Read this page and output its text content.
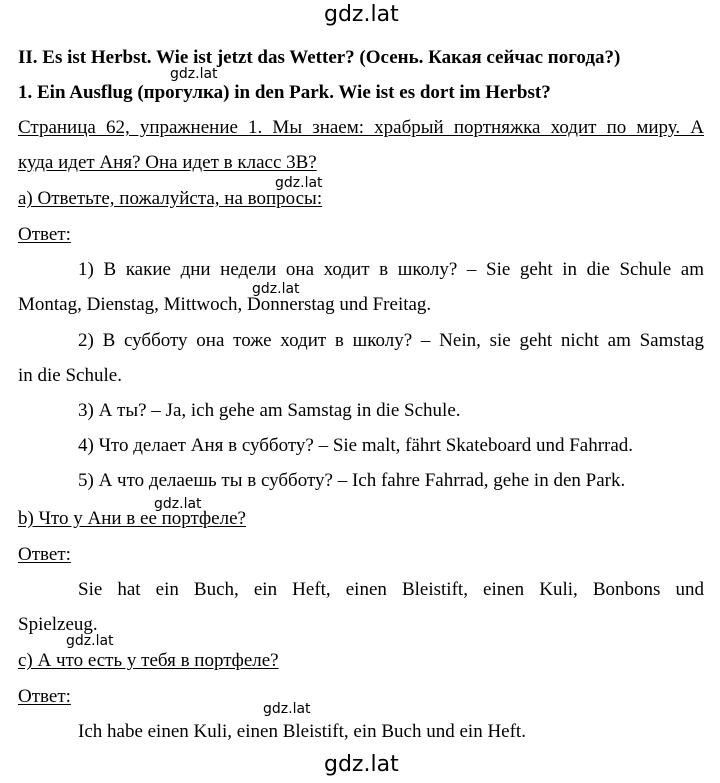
gdz.lat
II. Es ist Herbst. Wie ist jetzt das Wetter? (Осень. Какая сейчас погода?)
1. Ein Ausflug (прогулка) in den Park. Wie ist es dort im Herbst?
Страница 62, упражнение 1. Мы знаем: храбрый портняжка ходит по миру. А
куда идет Аня? Она идет в класс 3В?
а) Ответьте, пожалуйста, на вопросы:
Ответ:
1) В какие дни недели она ходит в школу? – Sie geht in die Schule am
Montag, Dienstag, Mittwoch, Donnerstag und Freitag.
2) В субботу она тоже ходит в школу? – Nein, sie geht nicht am Samstag
in die Schule.
3) А ты? – Ja, ich gehe am Samstag in die Schule.
4) Что делает Аня в субботу? – Sie malt, fährt Skateboard und Fahrrad.
5) А что делаешь ты в субботу? – Ich fahre Fahrrad, gehe in den Park.
b) Что у Ани в ее портфеле?
Ответ:
Sie hat ein Buch, ein Heft, einen Bleistift, einen Kuli, Bonbons und
Spielzeug.
c) А что есть у тебя в портфеле?
Ответ:
Ich habe einen Kuli, einen Bleistift, ein Buch und ein Heft.
gdz.lat
gdz.lat
gdz.lat
gdz.lat
gdz.lat
gdz.lat
gdz.lat
